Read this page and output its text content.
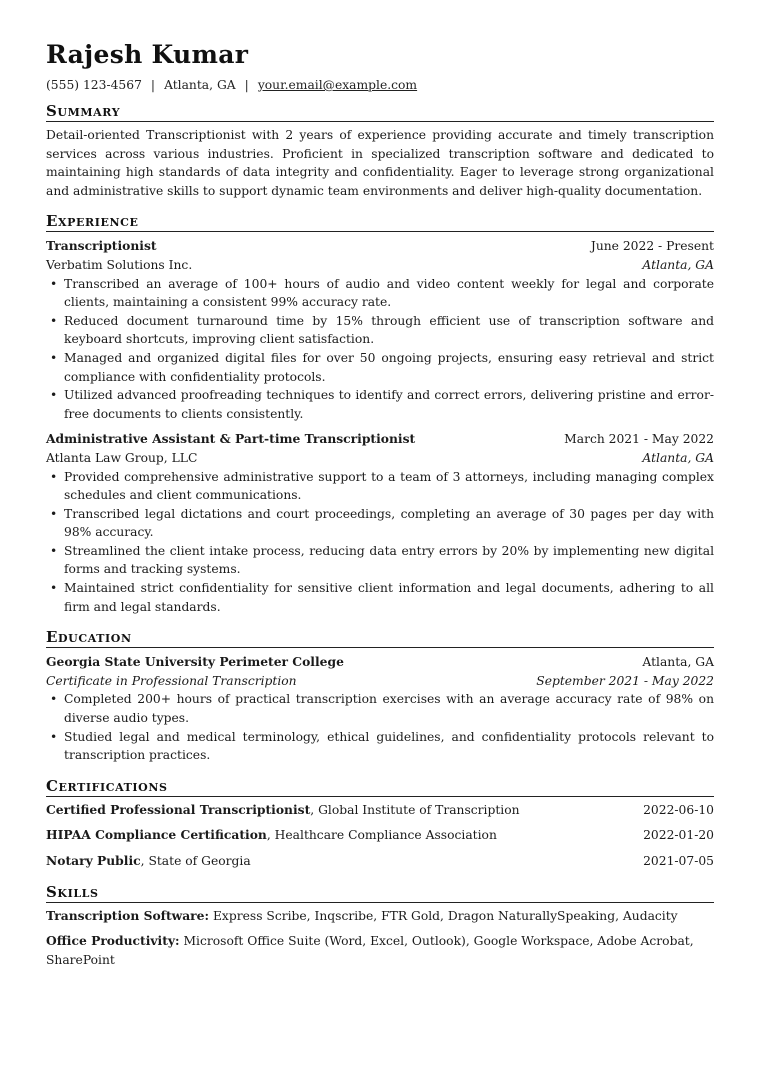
Rajesh Kumar
(555) 123-4567 | Atlanta, GA | your.email@example.com
Summary
Detail-oriented Transcriptionist with 2 years of experience providing accurate and timely transcription services across various industries. Proficient in specialized transcription software and dedicated to maintaining high standards of data integrity and confidentiality. Eager to leverage strong organizational and administrative skills to support dynamic team environments and deliver high-quality documentation.
Experience
Transcriptionist	June 2022 - Present
Verbatim Solutions Inc.	Atlanta, GA
• Transcribed an average of 100+ hours of audio and video content weekly for legal and corporate clients, maintaining a consistent 99% accuracy rate.
• Reduced document turnaround time by 15% through efficient use of transcription software and keyboard shortcuts, improving client satisfaction.
• Managed and organized digital files for over 50 ongoing projects, ensuring easy retrieval and strict compliance with confidentiality protocols.
• Utilized advanced proofreading techniques to identify and correct errors, delivering pristine and error-free documents to clients consistently.
Administrative Assistant & Part-time Transcriptionist	March 2021 - May 2022
Atlanta Law Group, LLC	Atlanta, GA
• Provided comprehensive administrative support to a team of 3 attorneys, including managing complex schedules and client communications.
• Transcribed legal dictations and court proceedings, completing an average of 30 pages per day with 98% accuracy.
• Streamlined the client intake process, reducing data entry errors by 20% by implementing new digital forms and tracking systems.
• Maintained strict confidentiality for sensitive client information and legal documents, adhering to all firm and legal standards.
Education
Georgia State University Perimeter College	Atlanta, GA
Certificate in Professional Transcription	September 2021 - May 2022
• Completed 200+ hours of practical transcription exercises with an average accuracy rate of 98% on diverse audio types.
• Studied legal and medical terminology, ethical guidelines, and confidentiality protocols relevant to transcription practices.
Certifications
Certified Professional Transcriptionist, Global Institute of Transcription	2022-06-10
HIPAA Compliance Certification, Healthcare Compliance Association	2022-01-20
Notary Public, State of Georgia	2021-07-05
Skills
Transcription Software: Express Scribe, Inqscribe, FTR Gold, Dragon NaturallySpeaking, Audacity
Office Productivity: Microsoft Office Suite (Word, Excel, Outlook), Google Workspace, Adobe Acrobat, SharePoint
